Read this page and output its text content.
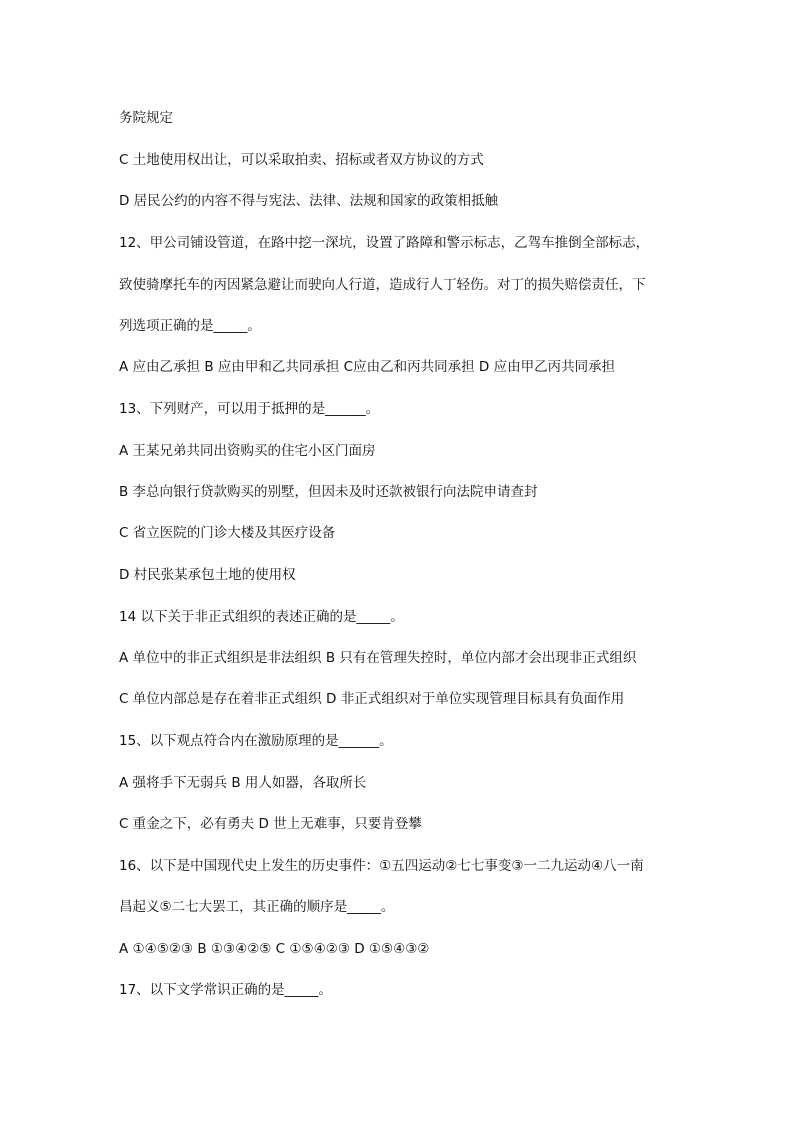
务院规定
C 土地使用权出让，可以采取拍卖、招标或者双方协议的方式
D 居民公约的内容不得与宪法、法律、法规和国家的政策相抵触
12、甲公司铺设管道，在路中挖一深坑，设置了路障和警示标志，乙驾车推倒全部标志，
致使骑摩托车的丙因紧急避让而驶向人行道，造成行人丁轻伤。对丁的损失赔偿责任，下
列选项正确的是_____。
A 应由乙承担 B 应由甲和乙共同承担 C应由乙和丙共同承担 D 应由甲乙丙共同承担
13、下列财产，可以用于抵押的是______。
A 王某兄弟共同出资购买的住宅小区门面房
B 李总向银行贷款购买的别墅，但因未及时还款被银行向法院申请查封
C 省立医院的门诊大楼及其医疗设备
D 村民张某承包土地的使用权
14 以下关于非正式组织的表述正确的是_____。
A 单位中的非正式组织是非法组织 B 只有在管理失控时，单位内部才会出现非正式组织
C 单位内部总是存在着非正式组织 D 非正式组织对于单位实现管理目标具有负面作用
15、以下观点符合内在激励原理的是______。
A 强将手下无弱兵 B 用人如器，各取所长
C 重金之下，必有勇夫 D 世上无难事，只要肯登攀
16、以下是中国现代史上发生的历史事件：①五四运动②七七事变③一二九运动④八一南
昌起义⑤二七大罢工，其正确的顺序是_____。
A ①④⑤②③ B ①③④②⑤ C ①⑤④②③ D ①⑤④③②
17、以下文学常识正确的是_____。
